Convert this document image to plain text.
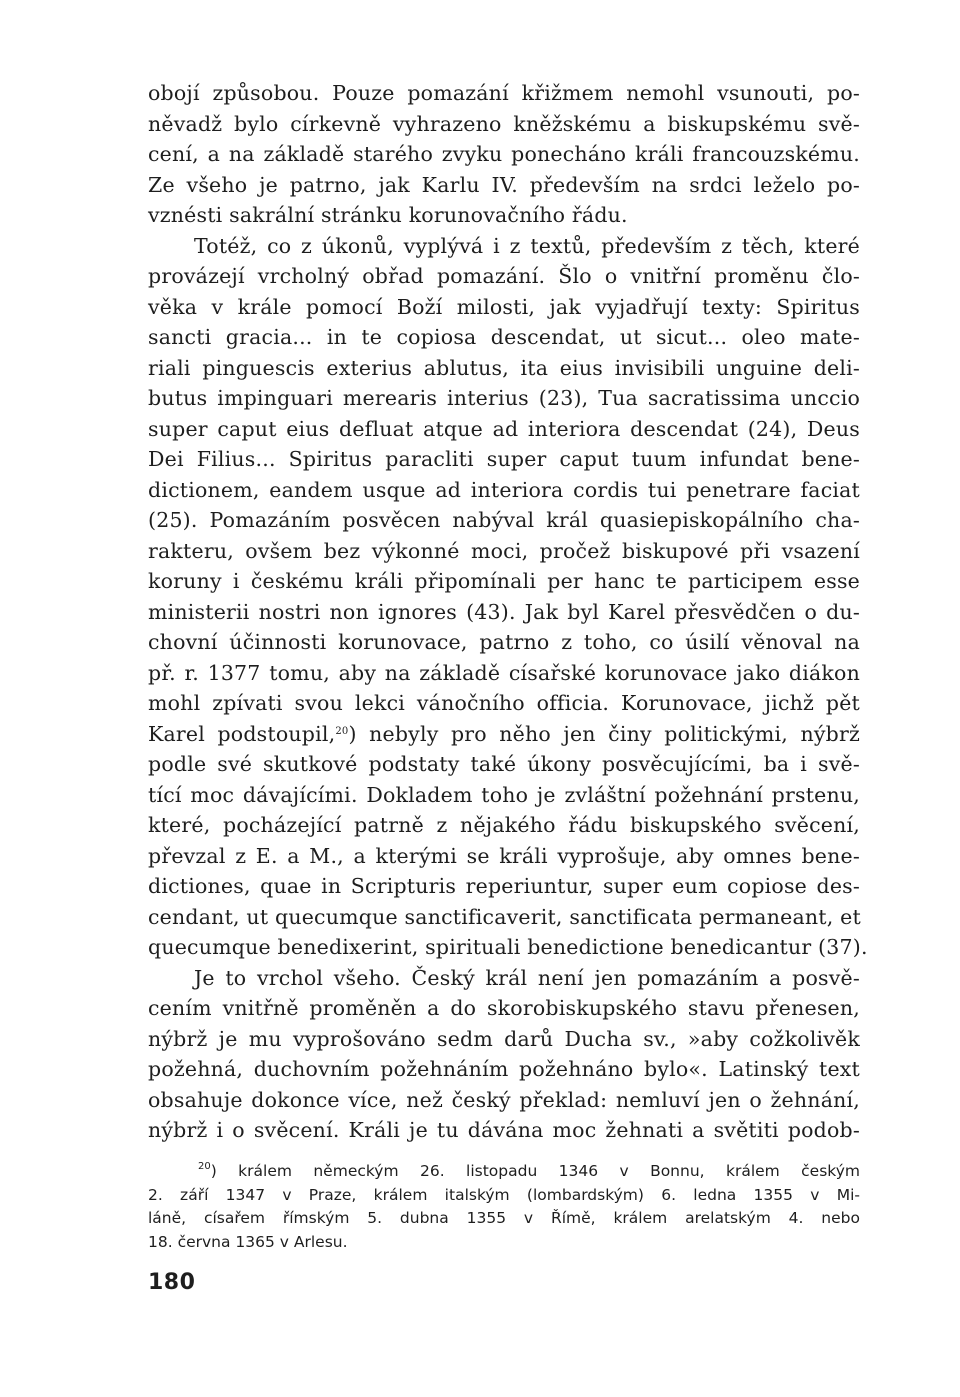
obojí způsobou. Pouze pomazání křižmem nemohl vsunouti, po-
něvadž bylo církevně vyhrazeno kněžskému a biskupskému svě-
cení, a na základě starého zvyku ponecháno králi francouzskému.
Ze všeho je patrno, jak Karlu IV. především na srdci leželo po-
vznésti sakrální stránku korunovačního řádu.
Totéž, co z úkonů, vyplývá i z textů, především z těch, které
provázejí vrcholný obřad pomazání. Šlo o vnitřní proměnu člo-
věka v krále pomocí Boží milosti, jak vyjadřují texty: Spiritus
sancti gracia... in te copiosa descendat, ut sicut... oleo mate-
riali pinguescis exterius ablutus, ita eius invisibili unguine deli-
butus impinguari merearis interius (23), Tua sacratissima unccio
super caput eius defluat atque ad interiora descendat (24), Deus
Dei Filius... Spiritus paracliti super caput tuum infundat bene-
dictionem, eandem usque ad interiora cordis tui penetrare faciat
(25). Pomazáním posvěcen nabýval král quasiepiskopálního cha-
rakteru, ovšem bez výkonné moci, pročež biskupové při vsazení
koruny i českému králi připomínali per hanc te participem esse
ministerii nostri non ignores (43). Jak byl Karel přesvědčen o du-
chovní účinnosti korunovace, patrno z toho, co úsilí věnoval na
př. r. 1377 tomu, aby na základě císařské korunovace jako diákon
mohl zpívati svou lekci vánočního officia. Korunovace, jichž pět
Karel podstoupil,$^{20}$) nebyly pro něho jen činy politickými, nýbrž
podle své skutkové podstaty také úkony posvěcujícími, ba i svě-
tící moc dávajícími. Dokladem toho je zvláštní požehnání prstenu,
které, pocházející patrně z nějakého řádu biskupského svěcení,
převzal z E. a M., a kterými se králi vyprošuje, aby omnes bene-
dictiones, quae in Scripturis reperiuntur, super eum copiose des-
cendant, ut quecumque sanctificaverit, sanctificata permaneant, et
quecumque benedixerint, spirituali benedictione benedicantur (37).
Je to vrchol všeho. Český král není jen pomazáním a posvě-
cením vnitřně proměněn a do skorobiskupského stavu přenesen,
nýbrž je mu vyprošováno sedm darů Ducha sv., »aby cožkolivěk
požehná, duchovním požehnáním požehnáno bylo«. Latinský text
obsahuje dokonce více, než český překlad: nemluví jen o žehnání,
nýbrž i o svěcení. Králi je tu dávána moc žehnati a světiti podob-
$^{20}$) králem německým 26. listopadu 1346 v Bonnu, králem českým
2. září 1347 v Praze, králem italským (lombardským) 6. ledna 1355 v Mi-
láně, císařem římským 5. dubna 1355 v Římě, králem arelatským 4. nebo
18. června 1365 v Arlesu.
180
